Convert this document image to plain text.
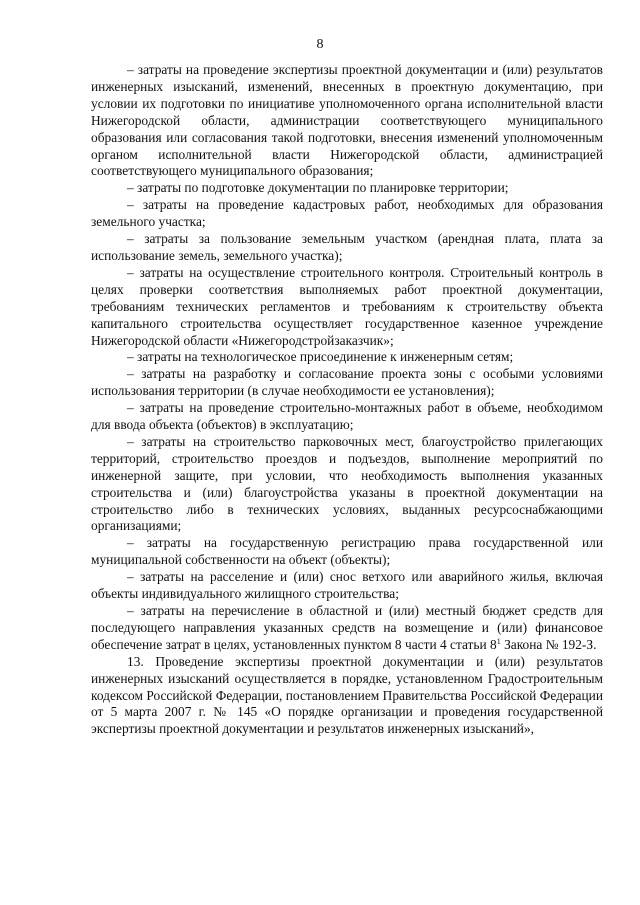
8

– затраты на проведение экспертизы проектной документации и (или) результатов инженерных изысканий, изменений, внесенных в проектную документацию, при условии их подготовки по инициативе уполномоченного органа исполнительной власти Нижегородской области, администрации соответствующего муниципального образования или согласования такой подготовки, внесения изменений уполномоченным органом исполнительной власти Нижегородской области, администрацией соответствующего муниципального образования;

– затраты по подготовке документации по планировке территории;

– затраты на проведение кадастровых работ, необходимых для образования земельного участка;

– затраты за пользование земельным участком (арендная плата, плата за использование земель, земельного участка);

– затраты на осуществление строительного контроля. Строительный контроль в целях проверки соответствия выполняемых работ проектной документации, требованиям технических регламентов и требованиям к строительству объекта капитального строительства осуществляет государственное казенное учреждение Нижегородской области «Нижегородстройзаказчик»;

– затраты на технологическое присоединение к инженерным сетям;

– затраты на разработку и согласование проекта зоны с особыми условиями использования территории (в случае необходимости ее установления);

– затраты на проведение строительно-монтажных работ в объеме, необходимом для ввода объекта (объектов) в эксплуатацию;

– затраты на строительство парковочных мест, благоустройство прилегающих территорий, строительство проездов и подъездов, выполнение мероприятий по инженерной защите, при условии, что необходимость выполнения указанных строительства и (или) благоустройства указаны в проектной документации на строительство либо в технических условиях, выданных ресурсоснабжающими организациями;

– затраты на государственную регистрацию права государственной или муниципальной собственности на объект (объекты);

– затраты на расселение и (или) снос ветхого или аварийного жилья, включая объекты индивидуального жилищного строительства;

– затраты на перечисление в областной и (или) местный бюджет средств для последующего направления указанных средств на возмещение и (или) финансовое обеспечение затрат в целях, установленных пунктом 8 части 4 статьи $8^1$ Закона № 192-З.

13. Проведение экспертизы проектной документации и (или) результатов инженерных изысканий осуществляется в порядке, установленном Градостроительным кодексом Российской Федерации, постановлением Правительства Российской Федерации от 5 марта 2007 г. № 145 «О порядке организации и проведения государственной экспертизы проектной документации и результатов инженерных изысканий»,
